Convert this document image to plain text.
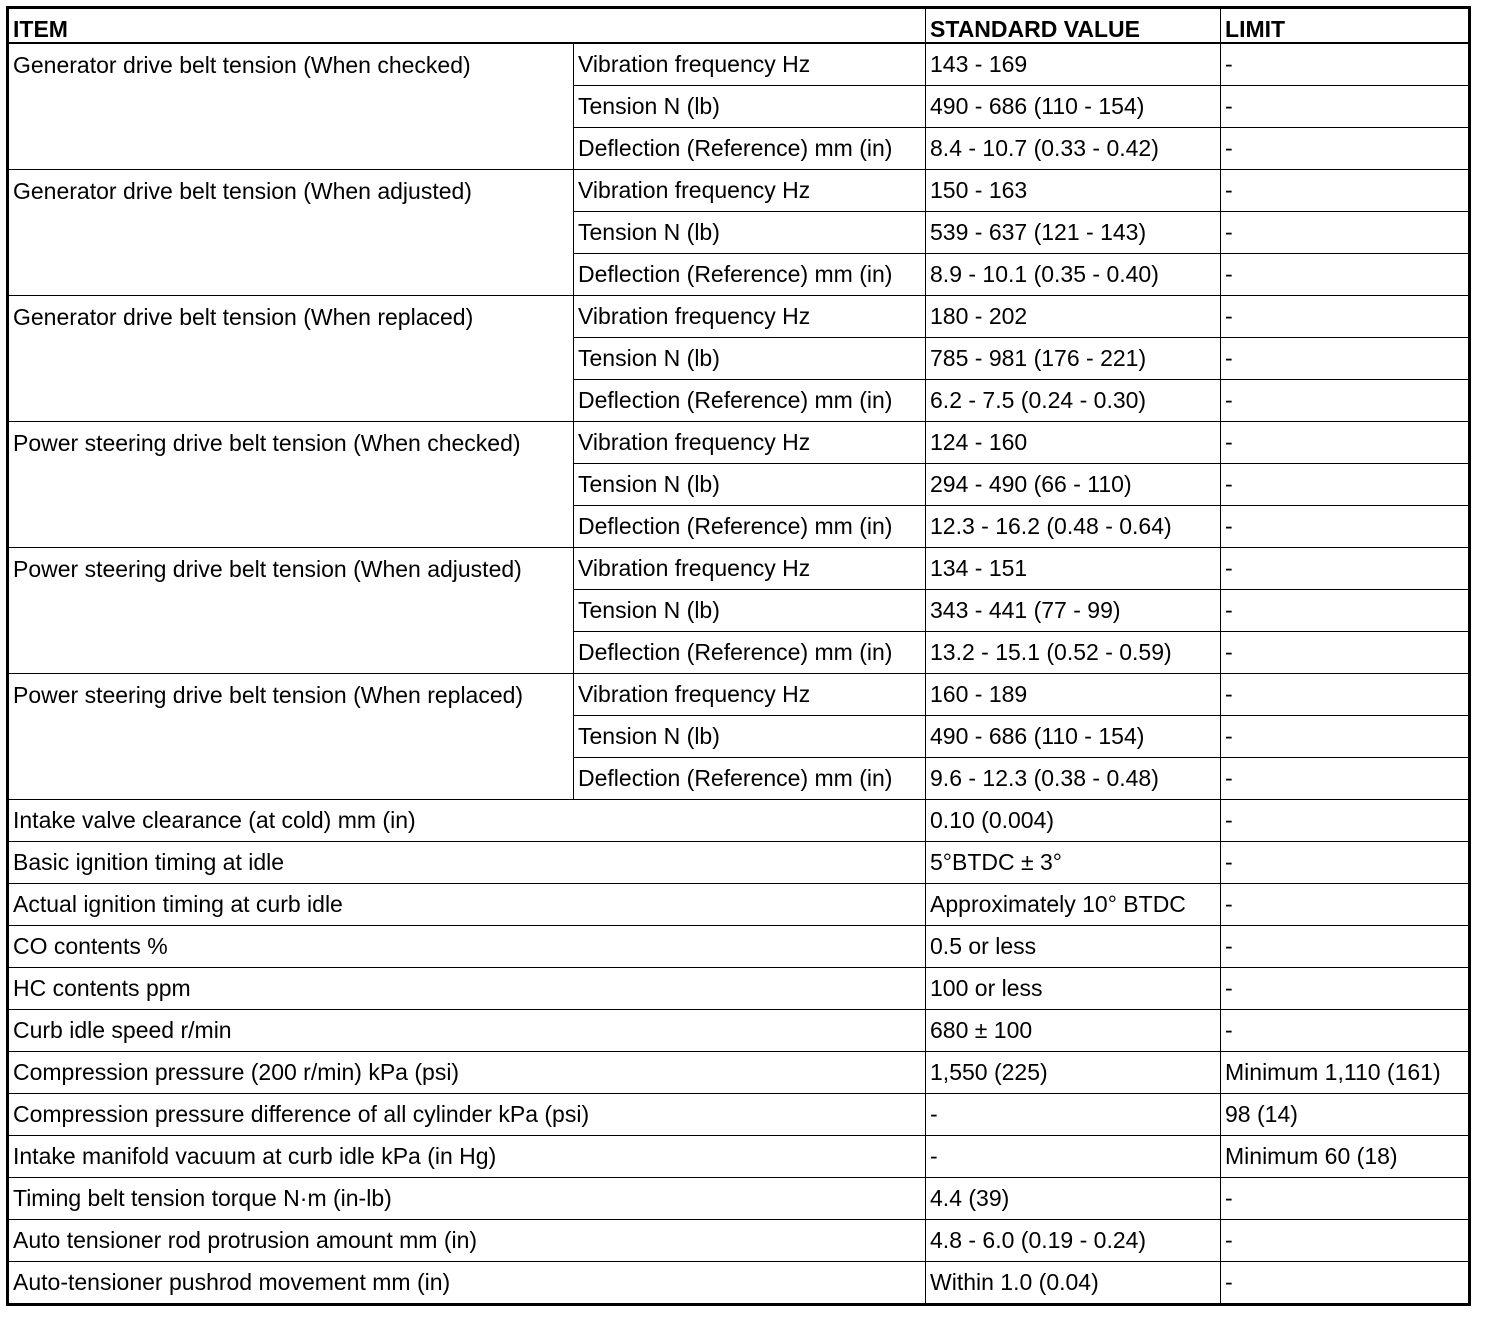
ITEM		STANDARD VALUE	LIMIT
Generator drive belt tension (When checked)	Vibration frequency Hz	143 - 169	-
	Tension N (lb)	490 - 686 (110 - 154)	-
	Deflection (Reference) mm (in)	8.4 - 10.7 (0.33 - 0.42)	-
Generator drive belt tension (When adjusted)	Vibration frequency Hz	150 - 163	-
	Tension N (lb)	539 - 637 (121 - 143)	-
	Deflection (Reference) mm (in)	8.9 - 10.1 (0.35 - 0.40)	-
Generator drive belt tension (When replaced)	Vibration frequency Hz	180 - 202	-
	Tension N (lb)	785 - 981 (176 - 221)	-
	Deflection (Reference) mm (in)	6.2 - 7.5 (0.24 - 0.30)	-
Power steering drive belt tension (When checked)	Vibration frequency Hz	124 - 160	-
	Tension N (lb)	294 - 490 (66 - 110)	-
	Deflection (Reference) mm (in)	12.3 - 16.2 (0.48 - 0.64)	-
Power steering drive belt tension (When adjusted)	Vibration frequency Hz	134 - 151	-
	Tension N (lb)	343 - 441 (77 - 99)	-
	Deflection (Reference) mm (in)	13.2 - 15.1 (0.52 - 0.59)	-
Power steering drive belt tension (When replaced)	Vibration frequency Hz	160 - 189	-
	Tension N (lb)	490 - 686 (110 - 154)	-
	Deflection (Reference) mm (in)	9.6 - 12.3 (0.38 - 0.48)	-
Intake valve clearance (at cold) mm (in)		0.10 (0.004)	-
Basic ignition timing at idle		5°BTDC ± 3°	-
Actual ignition timing at curb idle		Approximately 10° BTDC	-
CO contents %		0.5 or less	-
HC contents ppm		100 or less	-
Curb idle speed r/min		680 ± 100	-
Compression pressure (200 r/min) kPa (psi)		1,550 (225)	Minimum 1,110 (161)
Compression pressure difference of all cylinder kPa (psi)		-	98 (14)
Intake manifold vacuum at curb idle kPa (in Hg)		-	Minimum 60 (18)
Timing belt tension torque N·m (in-lb)		4.4 (39)	-
Auto tensioner rod protrusion amount mm (in)		4.8 - 6.0 (0.19 - 0.24)	-
Auto-tensioner pushrod movement mm (in)		Within 1.0 (0.04)	-
